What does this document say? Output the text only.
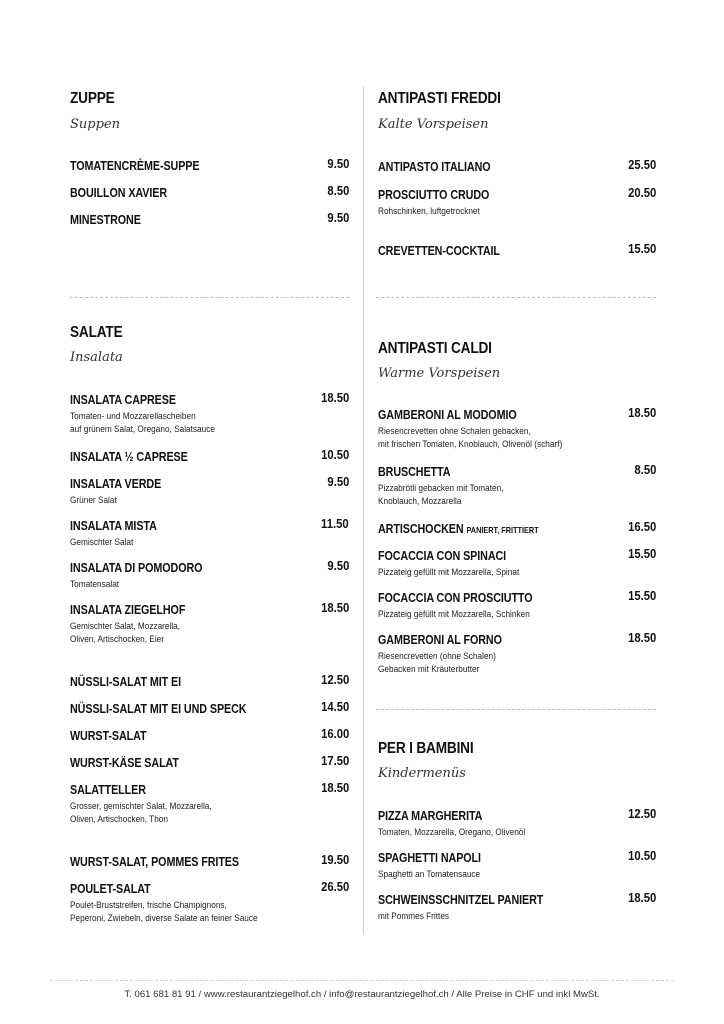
ZUPPE
Suppen
TOMATENCRÈME-SUPPE	9.50
BOUILLON XAVIER	8.50
MINESTRONE	9.50
SALATE
Insalata
INSALATA CAPRESE	18.50
Tomaten- und Mozzarellascheiben
auf grünem Salat, Oregano, Salatsauce
INSALATA ½ CAPRESE	10.50
INSALATA VERDE	9.50
Grüner Salat
INSALATA MISTA	11.50
Gemischter Salat
INSALATA DI POMODORO	9.50
Tomatensalat
INSALATA ZIEGELHOF	18.50
Gemischter Salat, Mozzarella,
Oliven, Artischocken, Eier
NÜSSLI-SALAT MIT EI	12.50
NÜSSLI-SALAT MIT EI UND SPECK	14.50
WURST-SALAT	16.00
WURST-KÄSE SALAT	17.50
SALATTELLER	18.50
Grosser, gemischter Salat, Mozzarella,
Oliven, Artischocken, Thon
WURST-SALAT, POMMES FRITES	19.50
POULET-SALAT	26.50
Poulet-Bruststreifen, frische Champignons,
Peperoni, Zwiebeln, diverse Salate an feiner Sauce
ANTIPASTI FREDDI
Kalte Vorspeisen
ANTIPASTO ITALIANO	25.50
PROSCIUTTO CRUDO	20.50
Rohschinken, luftgetrocknet
CREVETTEN-COCKTAIL	15.50
ANTIPASTI CALDI
Warme Vorspeisen
GAMBERONI AL MODOMIO	18.50
Riesencrevetten ohne Schalen gebacken,
mit frischen Tomaten, Knoblauch, Olivenöl (scharf)
BRUSCHETTA	8.50
Pizzabrötli gebacken mit Tomaten,
Knoblauch, Mozzarella
ARTISCHOCKEN PANIERT, FRITTIERT	16.50
FOCACCIA CON SPINACI	15.50
Pizzateig gefüllt mit Mozzarella, Spinat
FOCACCIA CON PROSCIUTTO	15.50
Pizzateig gefüllt mit Mozzarella, Schinken
GAMBERONI AL FORNO	18.50
Riesencrevetten (ohne Schalen)
Gebacken mit Kräuterbutter
PER I BAMBINI
Kindermenüs
PIZZA MARGHERITA	12.50
Tomaten, Mozzarella, Oregano, Olivenöl
SPAGHETTI NAPOLI	10.50
Spaghetti an Tomatensauce
SCHWEINSSCHNITZEL PANIERT	18.50
mit Pommes Frittes
T. 061 681 81 91 / www.restaurantziegelhof.ch / info@restaurantziegelhof.ch / Alle Preise in CHF und inkl MwSt.
